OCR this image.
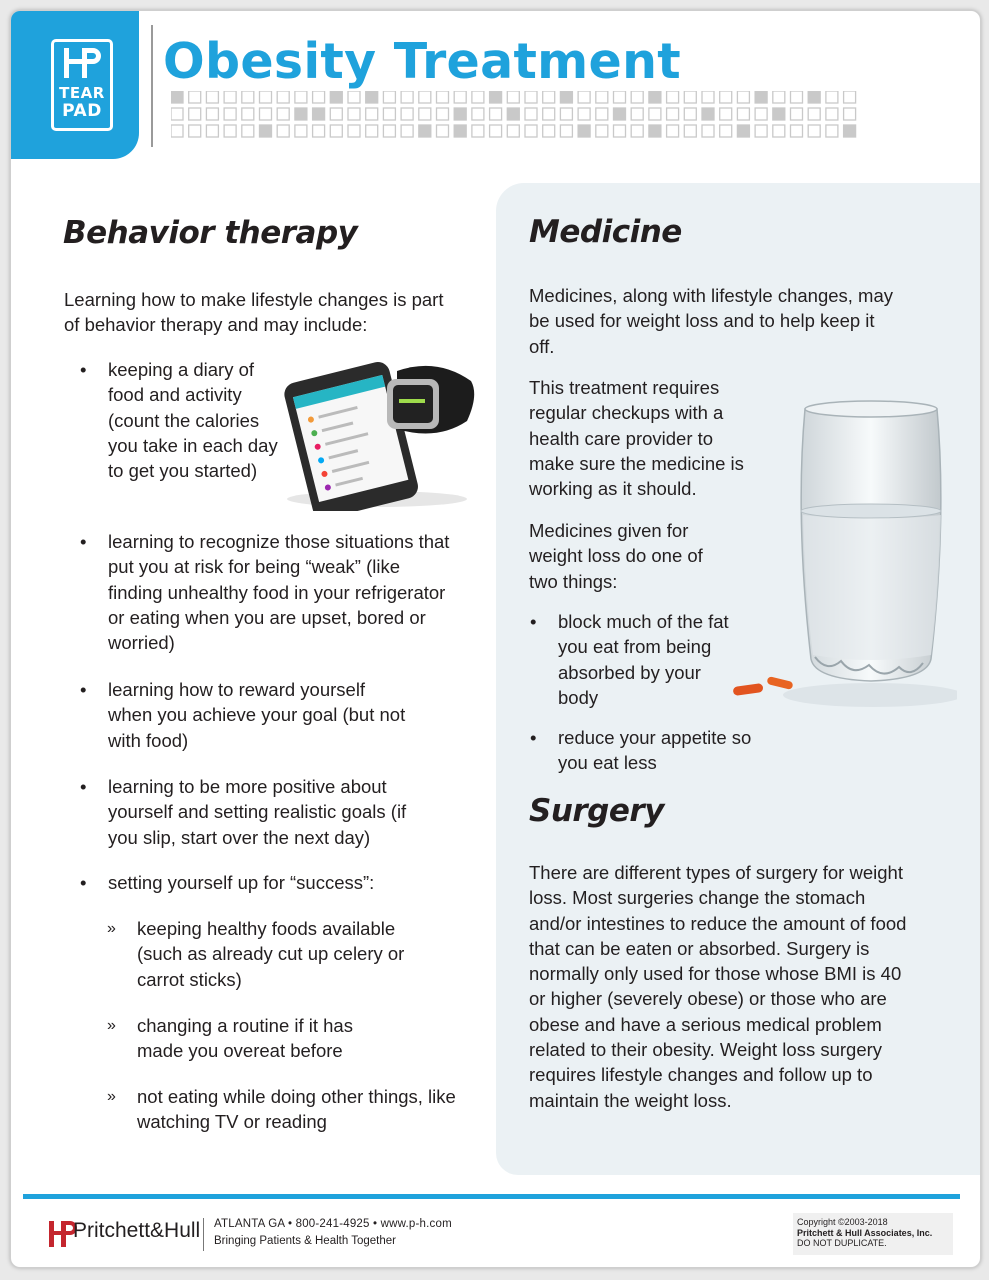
TEAR
PAD
Obesity Treatment
Behavior therapy
Learning how to make lifestyle changes is part of behavior therapy and may include:
• keeping a diary of food and activity (count the calories you take in each day to get you started)
• learning to recognize those situations that put you at risk for being “weak” (like finding unhealthy food in your refrigerator or eating when you are upset, bored or worried)
• learning how to reward yourself when you achieve your goal (but not with food)
• learning to be more positive about yourself and setting realistic goals (if you slip, start over the next day)
• setting yourself up for “success”:
» keeping healthy foods available (such as already cut up celery or carrot sticks)
» changing a routine if it has made you overeat before
» not eating while doing other things, like watching TV or reading
Medicine
Medicines, along with lifestyle changes, may be used for weight loss and to help keep it off.
This treatment requires regular checkups with a health care provider to make sure the medicine is working as it should.
Medicines given for weight loss do one of two things:
• block much of the fat you eat from being absorbed by your body
• reduce your appetite so you eat less
Surgery
There are different types of surgery for weight loss. Most surgeries change the stomach and/or intestines to reduce the amount of food that can be eaten or absorbed. Surgery is normally only used for those whose BMI is 40 or higher (severely obese) or those who are obese and have a serious medical problem related to their obesity. Weight loss surgery requires lifestyle changes and follow up to maintain the weight loss.
Pritchett&Hull ATLANTA GA • 800-241-4925 • www.p-h.com
Bringing Patients & Health Together
Copyright ©2003-2018
Pritchett & Hull Associates, Inc.
DO NOT DUPLICATE.
